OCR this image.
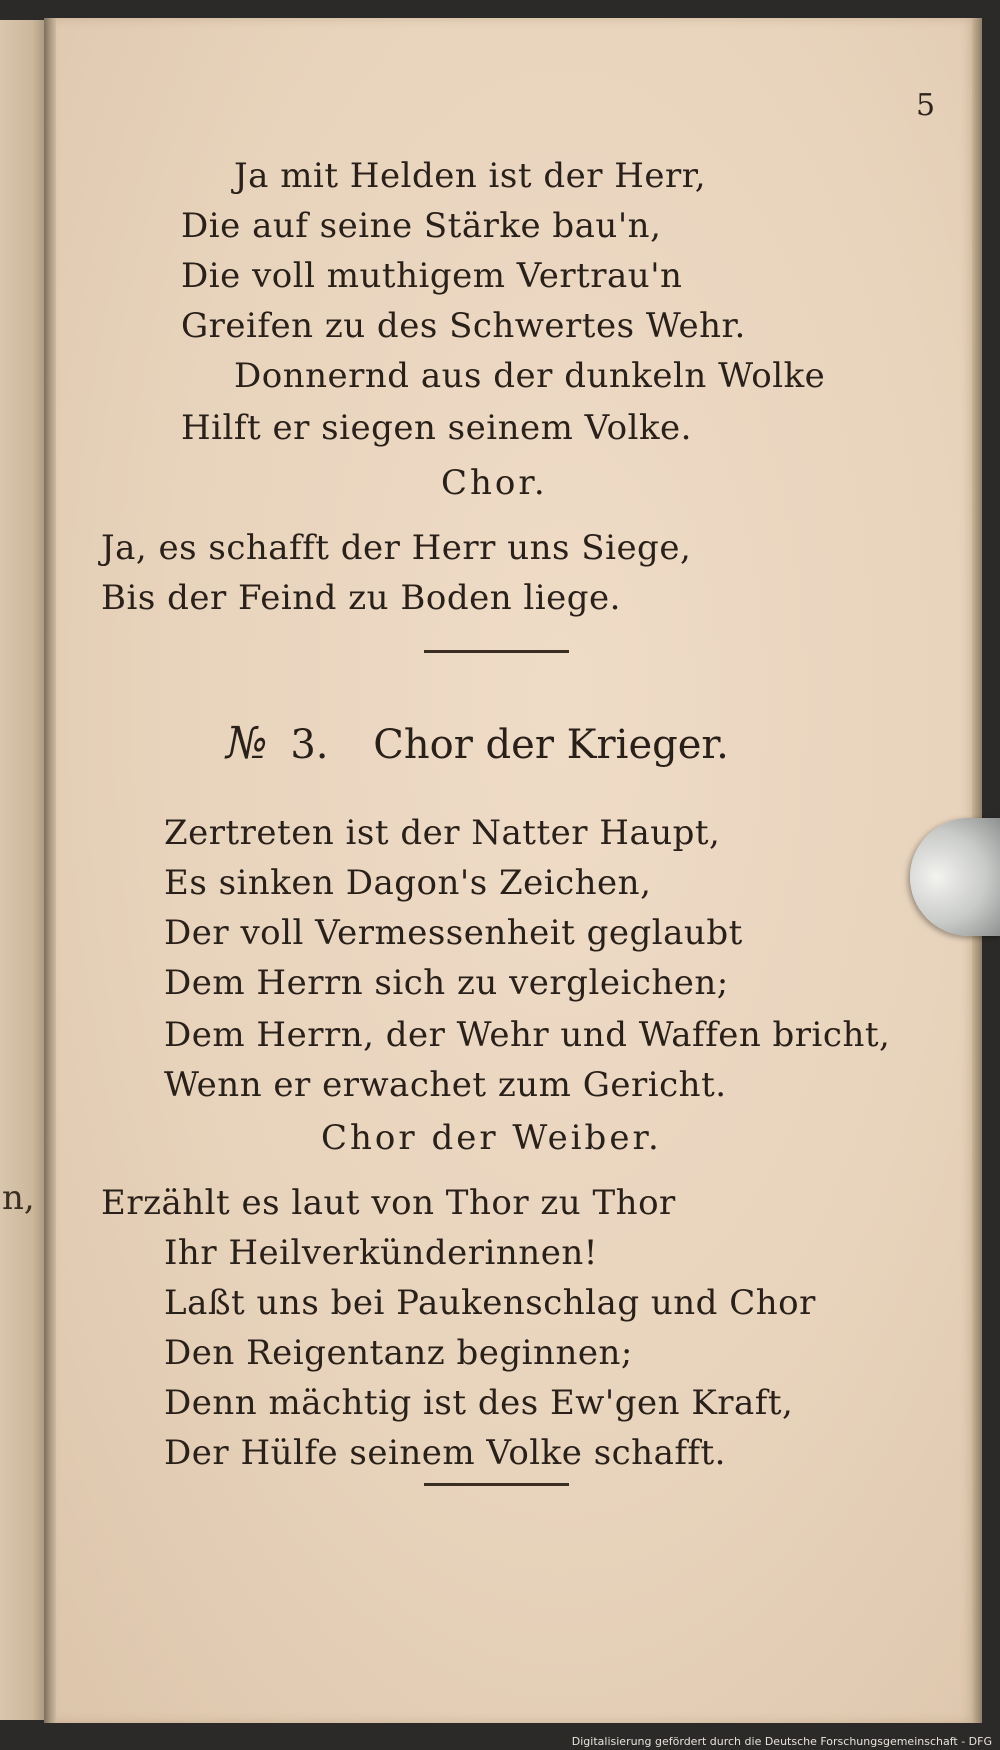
n,
5
Ja mit Helden ist der Herr,
Die auf seine Stärke bau'n,
Die voll muthigem Vertrau'n
Greifen zu des Schwertes Wehr.
Donnernd aus der dunkeln Wolke
Hilft er siegen seinem Volke.
Chor.
Ja, es schafft der Herr uns Siege,
Bis der Feind zu Boden liege.
№ 3. Chor der Krieger.
Zertreten ist der Natter Haupt,
Es sinken Dagon's Zeichen,
Der voll Vermessenheit geglaubt
Dem Herrn sich zu vergleichen;
Dem Herrn, der Wehr und Waffen bricht,
Wenn er erwachet zum Gericht.
Chor der Weiber.
Erzählt es laut von Thor zu Thor
Ihr Heilverkünderinnen!
Laßt uns bei Paukenschlag und Chor
Den Reigentanz beginnen;
Denn mächtig ist des Ew'gen Kraft,
Der Hülfe seinem Volke schafft.
Digitalisierung gefördert durch die Deutsche Forschungsgemeinschaft - DFG
